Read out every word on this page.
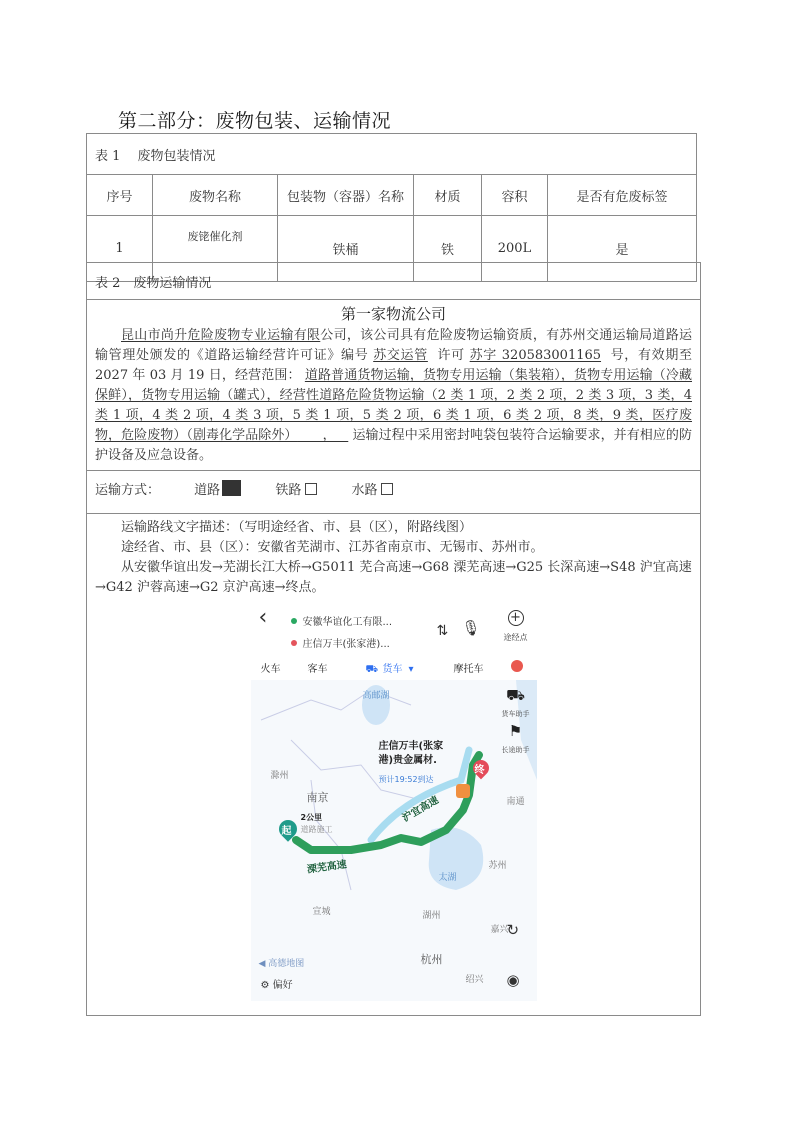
第二部分：废物包装、运输情况
表 1　 废物包装情况					
序号	废物名称	包装物（容器）名称	材质	容积	是否有危废标签
1	废铑催化剂	铁桶	铁	200L	是
表 2　废物运输情况

第一家物流公司
昆山市尚升危险废物专业运输有限公司，该公司具有危险废物运输资质，有苏州交通运输局道路运输管理处颁发的《道路运输经营许可证》编号 苏交运管 许可 苏字 320583001165 号，有效期至 2027 年 03 月 19 日，经营范围： 道路普通货物运输，货物专用运输（集装箱），货物专用运输（冷藏保鲜），货物专用运输（罐式），经营性道路危险货物运输（2 类 1 项，2 类 2 项，2 类 3 项，3 类，4 类 1 项，4 类 2 项，4 类 3 项，5 类 1 项，5 类 2 项，6 类 1 项，6 类 2 项，8 类，9 类，医疗废物，危险废物）（剧毒化学品除外）      ，    运输过程中采用密封吨袋包装符合运输要求，并有相应的防护设备及应急设备。

运输方式：	道路	铁路	水路

运输路线文字描述：（写明途经省、市、县（区），附路线图）

途经省、市、县（区）：安徽省芜湖市、江苏省南京市、无锡市、苏州市。

从安徽华谊出发→芜湖长江大桥→G5011 芜合高速→G68 溧芜高速→G25 长深高速→S48 沪宜高速→G42 沪蓉高速→G2 京沪高速→终点。

‹	安徽华谊化工有限...
庄信万丰(张家港)...
⇅ 🎙
+
途经点
火车	客车	⛟ 货车 ▾	摩托车
高邮湖
滁州
南京	南通
太湖
苏州
宣城	湖州
嘉兴
杭州
绍兴
溧芜高速
沪宜高速
⛟
货车助手
⚑
长途助手
庄信万丰(张家
港)贵金属材.
预计19:52到达
终
起
2公里
道路施工
◀ 高德地图
⚙ 偏好
↻
◉
